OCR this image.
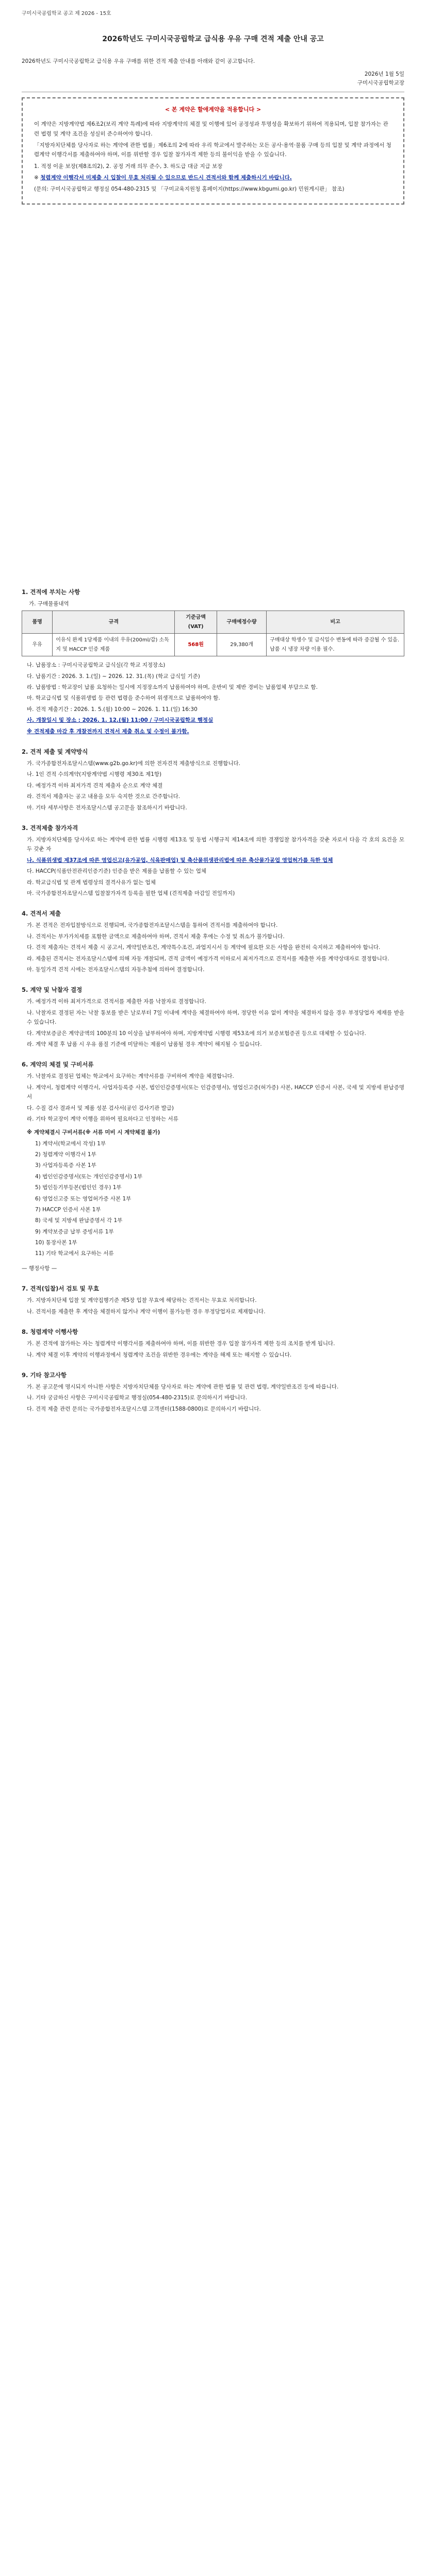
구미시국공립학교 공고 제 2026 - 15호
2026학년도 구미시국공립학교 급식용 우유 구매 견적 제출 안내 공고
2026학년도 구미시국공립학교 급식용 우유 구매를 위한 견적 제출 안내를 아래와 같이 공고합니다.
2026년 1월 5일
구미시국공립학교장
< 본 계약은 할애계약을 적용합니다 >

이 계약은 지방계약법 제6조2(보리 계약 특례)에 따라 지방계약의 체결 및 이행에 있어 공정성과 투명성을 확보하기 위하여 적용되며, 입찰 참가자는 관련 법령 및 계약 조건을 성실히 준수하여야 합니다.

「지방자치단체를 당사자로 하는 계약에 관한 법률」제6조의 2에 따라 우리 학교에서 발주하는 모든 공사·용역·물품 구매 등의 입찰 및 계약 과정에서 청렴계약 이행각서를 제출하여야 하며, 이를 위반할 경우 입찰 참가자격 제한 등의 불이익을 받을 수 있습니다.

1. 적정 이윤 보장(제8조의2), 2. 공정 거래 의무 준수, 3. 하도급 대금 지급 보장

※ 청렴계약 이행각서 미제출 시 입찰이 무효 처리될 수 있으므로 반드시 견적서와 함께 제출하시기 바랍니다.

(문의: 구미시국공립학교 행정실 054-480-2315 및 「구미교육지원청 홈페이지(https://www.kbgumi.go.kr) 민원게시판」 참조)

1. 견적에 부치는 사항
가. 구매물품내역
품명	규격	기준금액 (VAT)	구매예정수량	비고
우유	이유식 완제 1당제품 이내의 우유(200ml/갑) 소독지 및 HACCP 인증 제품	568원	29,380개	구매대상 학생수 및 급식일수 변동에 따라 증감될 수 있음. 납품 시 냉장 차량 이용 필수.
나. 납품장소 : 구미시국공립학교 급식실(각 학교 지정장소)
다. 납품기간 : 2026. 3. 1.(일) ~ 2026. 12. 31.(목) (학교 급식일 기준)
라. 납품방법 : 학교장이 납품 요청하는 일시에 지정장소까지 납품하여야 하며, 운반비 및 제반 경비는 납품업체 부담으로 함.
마. 학교급식법 및 식품위생법 등 관련 법령을 준수하여 위생적으로 납품하여야 함.
바. 견적 제출기간 : 2026. 1. 5.(월) 10:00 ~ 2026. 1. 11.(일) 16:30
사. 개찰일시 및 장소 : 2026. 1. 12.(월) 11:00 / 구미시국공립학교 행정실
※ 견적제출 마감 후 개찰전까지 견적서 제출 취소 및 수정이 불가함.
2. 견적 제출 및 계약방식
가. 국가종합전자조달시스템(www.g2b.go.kr)에 의한 전자견적 제출방식으로 진행합니다.
나. 1인 견적 수의계약(지방계약법 시행령 제30조 제1항)
다. 예정가격 이하 최저가격 견적 제출자 순으로 계약 체결
라. 견적서 제출자는 공고 내용을 모두 숙지한 것으로 간주합니다.
마. 기타 세부사항은 전자조달시스템 공고문을 참조하시기 바랍니다.
3. 견적제출 참가자격
가. 지방자치단체를 당사자로 하는 계약에 관한 법률 시행령 제13조 및 동법 시행규칙 제14조에 의한 경쟁입찰 참가자격을 갖춘 자로서 다음 각 호의 요건을 모두 갖춘 자
나. 식품위생법 제37조에 따른 영업신고(유가공업, 식육판매업) 및 축산물위생관리법에 따른 축산물가공업 영업허가를 득한 업체
다. HACCP(식품안전관리인증기준) 인증을 받은 제품을 납품할 수 있는 업체
라. 학교급식법 및 관계 법령상의 결격사유가 없는 업체
마. 국가종합전자조달시스템 입찰참가자격 등록을 필한 업체 (견적제출 마감일 전일까지)
4. 견적서 제출
가. 본 견적은 전자입찰방식으로 진행되며, 국가종합전자조달시스템을 통하여 견적서를 제출하여야 합니다.
나. 견적서는 부가가치세를 포함한 금액으로 제출하여야 하며, 견적서 제출 후에는 수정 및 취소가 불가합니다.
다. 견적 제출자는 견적서 제출 시 공고서, 계약일반조건, 계약특수조건, 과업지시서 등 계약에 필요한 모든 사항을 완전히 숙지하고 제출하여야 합니다.
라. 제출된 견적서는 전자조달시스템에 의해 자동 개찰되며, 견적 금액이 예정가격 이하로서 최저가격으로 견적서를 제출한 자를 계약상대자로 결정합니다.
마. 동일가격 견적 시에는 전자조달시스템의 자동추첨에 의하여 결정합니다.
5. 계약 및 낙찰자 결정
가. 예정가격 이하 최저가격으로 견적서를 제출한 자를 낙찰자로 결정합니다.
나. 낙찰자로 결정된 자는 낙찰 통보를 받은 날로부터 7일 이내에 계약을 체결하여야 하며, 정당한 이유 없이 계약을 체결하지 않을 경우 부정당업자 제재를 받을 수 있습니다.
다. 계약보증금은 계약금액의 100분의 10 이상을 납부하여야 하며, 지방계약법 시행령 제53조에 의거 보증보험증권 등으로 대체할 수 있습니다.
라. 계약 체결 후 납품 시 우유 품질 기준에 미달하는 제품이 납품될 경우 계약이 해지될 수 있습니다.
6. 계약의 체결 및 구비서류
가. 낙찰자로 결정된 업체는 학교에서 요구하는 계약서류를 구비하여 계약을 체결합니다.
나. 계약서, 청렴계약 이행각서, 사업자등록증 사본, 법인인감증명서(또는 인감증명서), 영업신고증(허가증) 사본, HACCP 인증서 사본, 국세 및 지방세 완납증명서
다. 수질 검사 결과서 및 제품 성분 검사서(공인 검사기관 발급)
라. 기타 학교장이 계약 이행을 위하여 필요하다고 인정하는 서류
※ 계약체결시 구비서류(※ 서류 미비 시 계약체결 불가)
1) 계약서(학교에서 작성) 1부
2) 청렴계약 이행각서 1부
3) 사업자등록증 사본 1부
4) 법인인감증명서(또는 개인인감증명서) 1부
5) 법인등기부등본(법인인 경우) 1부
6) 영업신고증 또는 영업허가증 사본 1부
7) HACCP 인증서 사본 1부
8) 국세 및 지방세 완납증명서 각 1부
9) 계약보증금 납부 증빙서류 1부
10) 통장사본 1부
11) 기타 학교에서 요구하는 서류
— 행정사항 —
7. 견적(입찰)서 검토 및 무효
가. 지방자치단체 입찰 및 계약집행기준 제5장 입찰 무효에 해당하는 견적서는 무효로 처리합니다.
나. 견적서를 제출한 후 계약을 체결하지 않거나 계약 이행이 불가능한 경우 부정당업자로 제재합니다.
8. 청렴계약 이행사항
가. 본 견적에 참가하는 자는 청렴계약 이행각서를 제출하여야 하며, 이를 위반한 경우 입찰 참가자격 제한 등의 조치를 받게 됩니다.
나. 계약 체결 이후 계약의 이행과정에서 청렴계약 조건을 위반한 경우에는 계약을 해제 또는 해지할 수 있습니다.
9. 기타 참고사항
가. 본 공고문에 명시되지 아니한 사항은 지방자치단체를 당사자로 하는 계약에 관한 법률 및 관련 법령, 계약일반조건 등에 따릅니다.
나. 기타 궁금하신 사항은 구미시국공립학교 행정실(054-480-2315)로 문의하시기 바랍니다.
다. 견적 제출 관련 문의는 국가종합전자조달시스템 고객센터(1588-0800)로 문의하시기 바랍니다.
